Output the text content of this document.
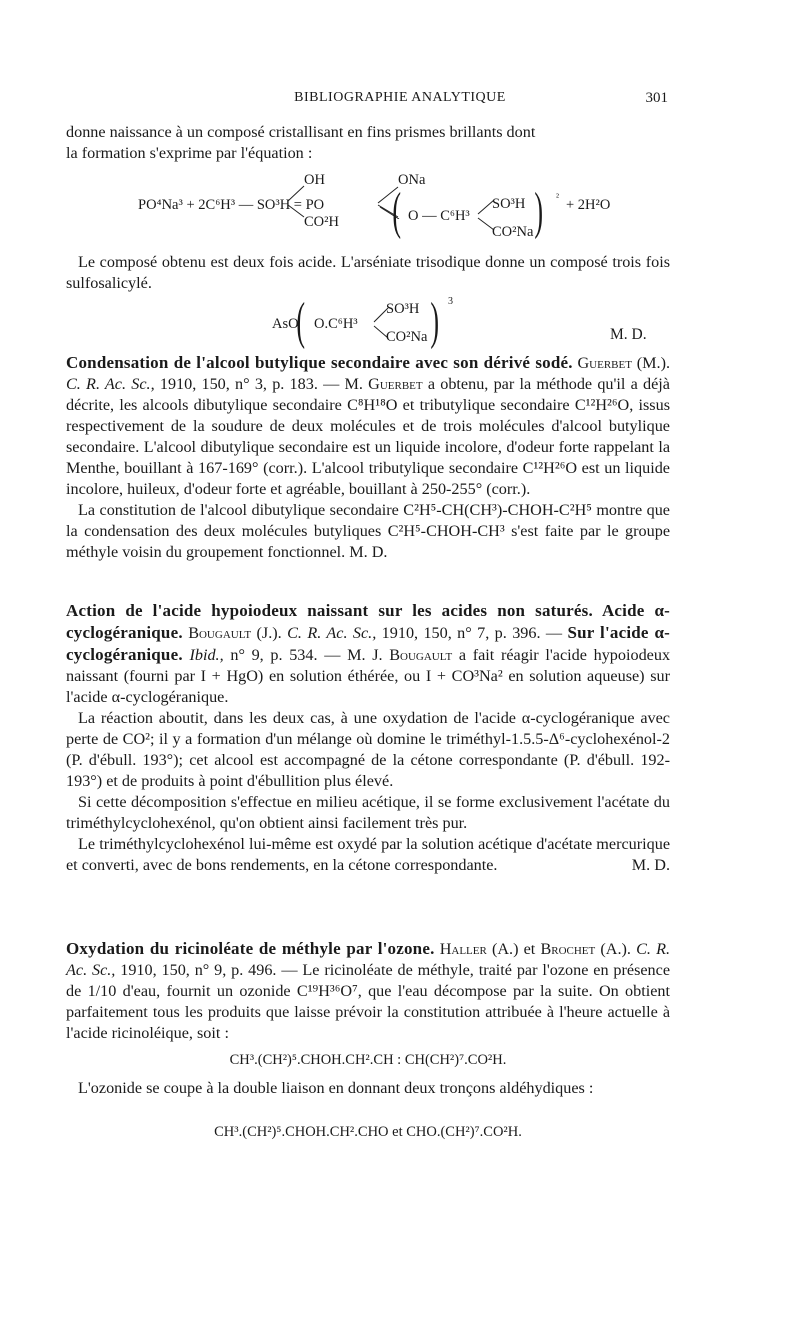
BIBLIOGRAPHIE ANALYTIQUE	301

donne naissance à un composé cristallisant en fins prismes brillants dont

la formation s'exprime par l'équation :

PO⁴Na³ + 2C⁶H³ — SO³H = PO
OH
CO²H
ONa
( O — C⁶H³
SO³H
CO²Na ) ² + 2H²O
Le composé obtenu est deux fois acide. L'arséniate trisodique donne un composé trois fois sulfosalicylé.
AsO
( O.C⁶H³
SO³H
CO²Na ) 3
M. D.

Condensation de l'alcool butylique secondaire avec son dérivé sodé. Guerbet (M.). C. R. Ac. Sc., 1910, 150, n° 3, p. 183. — M. Guerbet a obtenu, par la méthode qu'il a déjà décrite, les alcools dibutylique secondaire C⁸H¹⁸O et tributylique secondaire C¹²H²⁶O, issus respectivement de la soudure de deux molécules et de trois molécules d'alcool butylique secondaire. L'alcool dibutylique secondaire est un liquide incolore, d'odeur forte rappelant la Menthe, bouillant à 167-169° (corr.). L'alcool tributylique secondaire C¹²H²⁶O est un liquide incolore, huileux, d'odeur forte et agréable, bouillant à 250-255° (corr.).

La constitution de l'alcool dibutylique secondaire C²H⁵-CH(CH³)-CHOH-C²H⁵ montre que la condensation des deux molécules butyliques C²H⁵-CHOH-CH³ s'est faite par le groupe méthyle voisin du groupement fonctionnel. M. D.

Action de l'acide hypoiodeux naissant sur les acides non saturés. Acide α-cyclogéranique. Bougault (J.). C. R. Ac. Sc., 1910, 150, n° 7, p. 396. — Sur l'acide α-cyclogéranique. Ibid., n° 9, p. 534. — M. J. Bougault a fait réagir l'acide hypoiodeux naissant (fourni par I + HgO) en solution éthérée, ou I + CO³Na² en solution aqueuse) sur l'acide α-cyclogéranique.

La réaction aboutit, dans les deux cas, à une oxydation de l'acide α-cyclogéranique avec perte de CO²; il y a formation d'un mélange où domine le triméthyl-1.5.5-Δ⁶-cyclohexénol-2 (P. d'ébull. 193°); cet alcool est accompagné de la cétone correspondante (P. d'ébull. 192-193°) et de produits à point d'ébullition plus élevé.

Si cette décomposition s'effectue en milieu acétique, il se forme exclusivement l'acétate du triméthylcyclohexénol, qu'on obtient ainsi facilement très pur.

Le triméthylcyclohexénol lui-même est oxydé par la solution acétique d'acétate mercurique et converti, avec de bons rendements, en la cétone correspondante.	M. D.

Oxydation du ricinoléate de méthyle par l'ozone. Haller (A.) et Brochet (A.). C. R. Ac. Sc., 1910, 150, n° 9, p. 496. — Le ricinoléate de méthyle, traité par l'ozone en présence de 1/10 d'eau, fournit un ozonide C¹⁹H³⁶O⁷, que l'eau décompose par la suite. On obtient parfaitement tous les produits que laisse prévoir la constitution attribuée à l'heure actuelle à l'acide ricinoléique, soit :

CH³.(CH²)⁵.CHOH.CH².CH : CH(CH²)⁷.CO²H.
L'ozonide se coupe à la double liaison en donnant deux tronçons aldéhydiques :
CH³.(CH²)⁵.CHOH.CH².CHO et CHO.(CH²)⁷.CO²H.
